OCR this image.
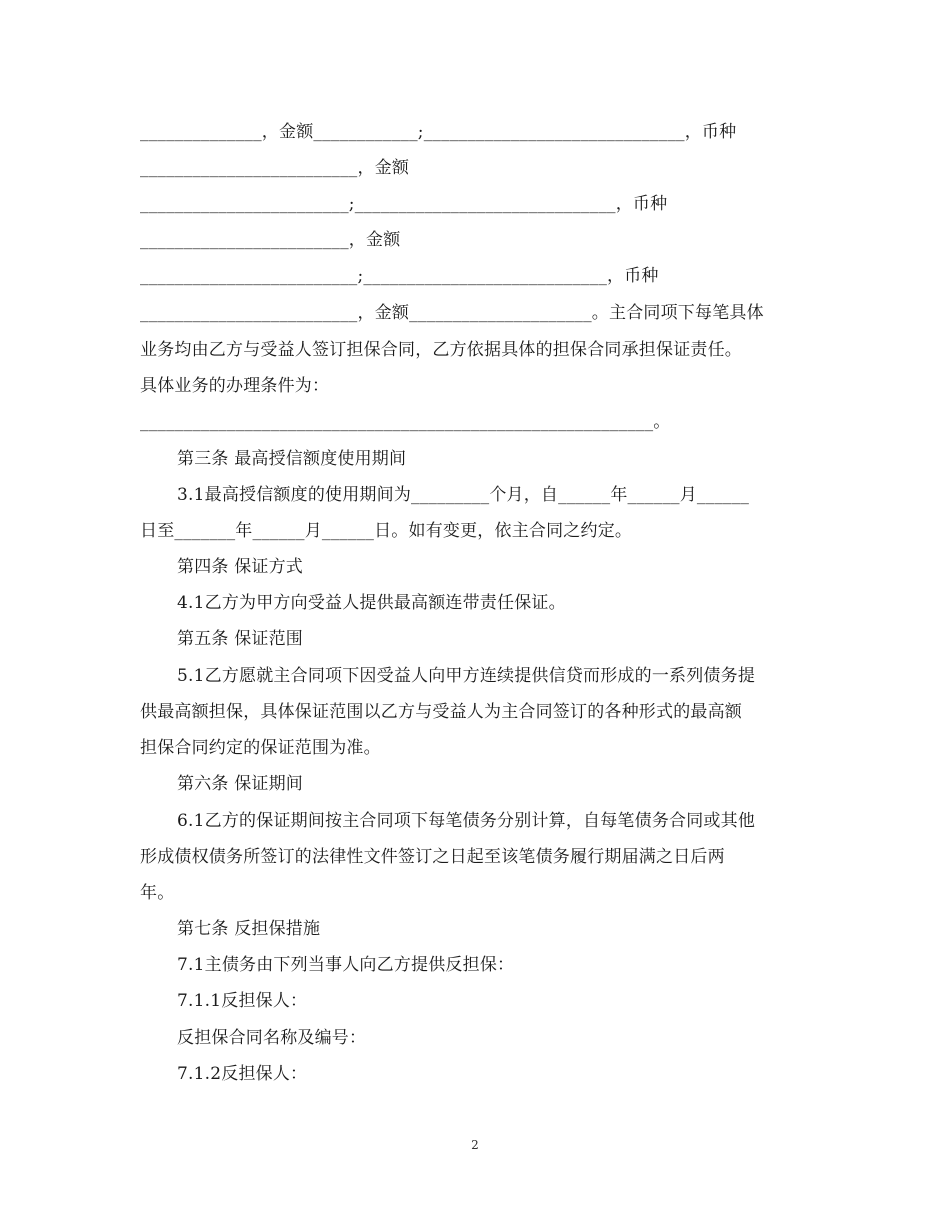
______________，金额____________;______________________________，币种
_________________________，金额
________________________;______________________________，币种
________________________，金额
_________________________;____________________________，币种
_________________________，金额_____________________。主合同项下每笔具体
业务均由乙方与受益人签订担保合同，乙方依据具体的担保合同承担保证责任。
具体业务的办理条件为：
___________________________________________________________。
第三条 最高授信额度使用期间
3.1最高授信额度的使用期间为_________个月，自______年______月______
日至_______年______月______日。如有变更，依主合同之约定。
第四条 保证方式
4.1乙方为甲方向受益人提供最高额连带责任保证。
第五条 保证范围
5.1乙方愿就主合同项下因受益人向甲方连续提供信贷而形成的一系列债务提
供最高额担保，具体保证范围以乙方与受益人为主合同签订的各种形式的最高额
担保合同约定的保证范围为准。
第六条 保证期间
6.1乙方的保证期间按主合同项下每笔债务分别计算，自每笔债务合同或其他
形成债权债务所签订的法律性文件签订之日起至该笔债务履行期届满之日后两
年。
第七条 反担保措施
7.1主债务由下列当事人向乙方提供反担保：
7.1.1反担保人：
反担保合同名称及编号：
7.1.2反担保人：
2
